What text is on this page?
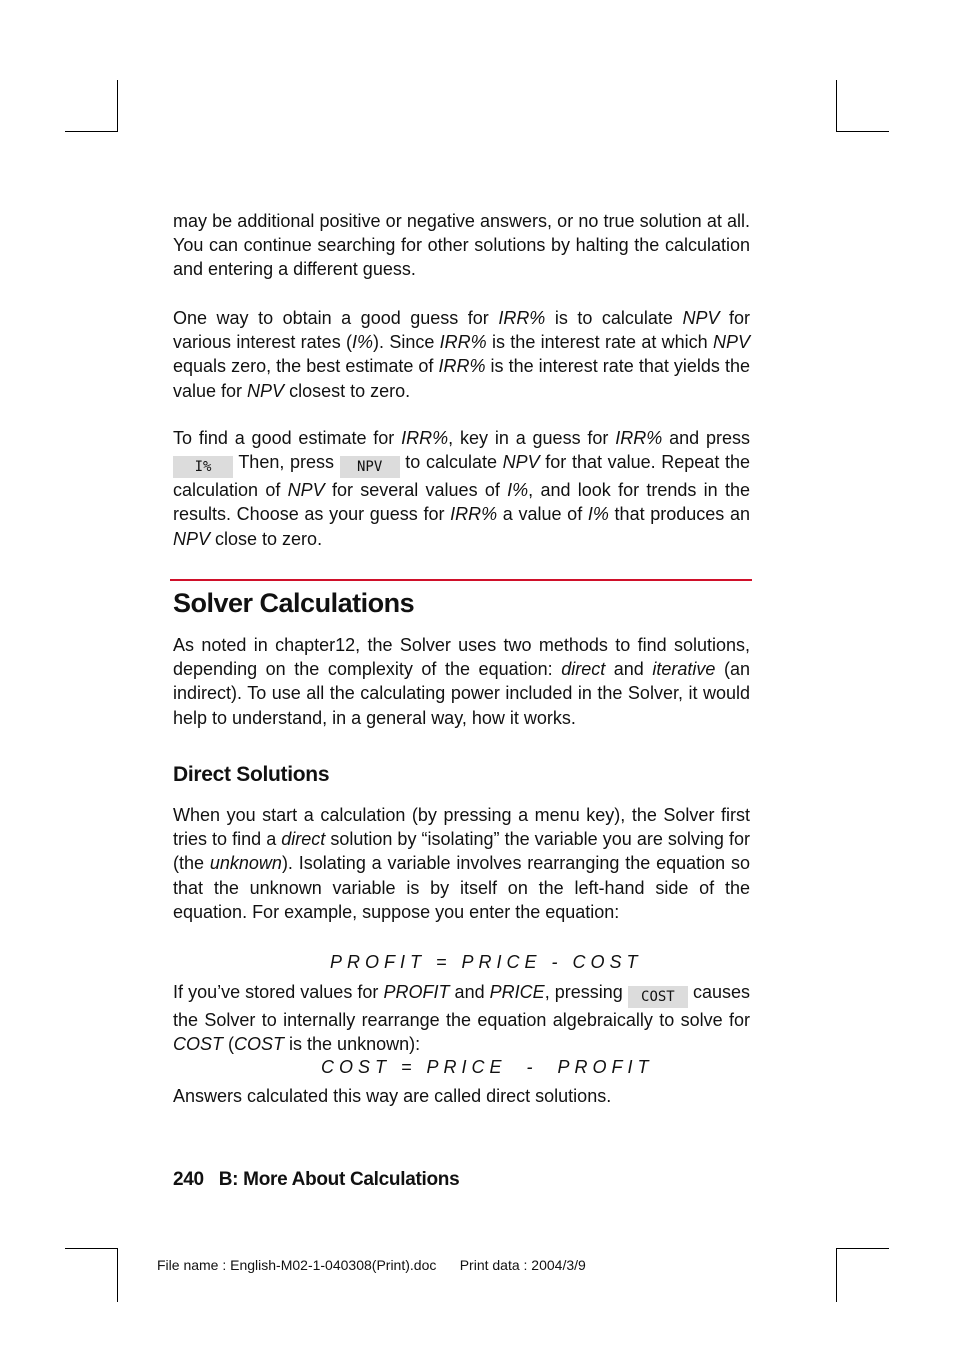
may be additional positive or negative answers, or no true solution at all. You can continue searching for other solutions by halting the calculation and entering a different guess.
One way to obtain a good guess for IRR% is to calculate NPV for various interest rates (I%). Since IRR% is the interest rate at which NPV equals zero, the best estimate of IRR% is the interest rate that yields the value for NPV closest to zero.
To find a good estimate for IRR%, key in a guess for IRR% and press I% Then, press NPV to calculate NPV for that value. Repeat the calculation of NPV for several values of I%, and look for trends in the results. Choose as your guess for IRR% a value of I% that produces an NPV close to zero.
Solver Calculations
As noted in chapter12, the Solver uses two methods to find solutions, depending on the complexity of the equation: direct and iterative (an indirect). To use all the calculating power included in the Solver, it would help to understand, in a general way, how it works.
Direct Solutions
When you start a calculation (by pressing a menu key), the Solver first tries to find a direct solution by “isolating” the variable you are solving for (the unknown). Isolating a variable involves rearranging the equation so that the unknown variable is by itself on the left-hand side of the equation. For example, suppose you enter the equation:
PROFIT = PRICE - COST
If you’ve stored values for PROFIT and PRICE, pressing COST causes the Solver to internally rearrange the equation algebraically to solve for COST (COST is the unknown):
COST = PRICE  -  PROFIT
Answers calculated this way are called direct solutions.
240 B: More About Calculations
File name : English-M02-1-040308(Print).doc Print data : 2004/3/9
